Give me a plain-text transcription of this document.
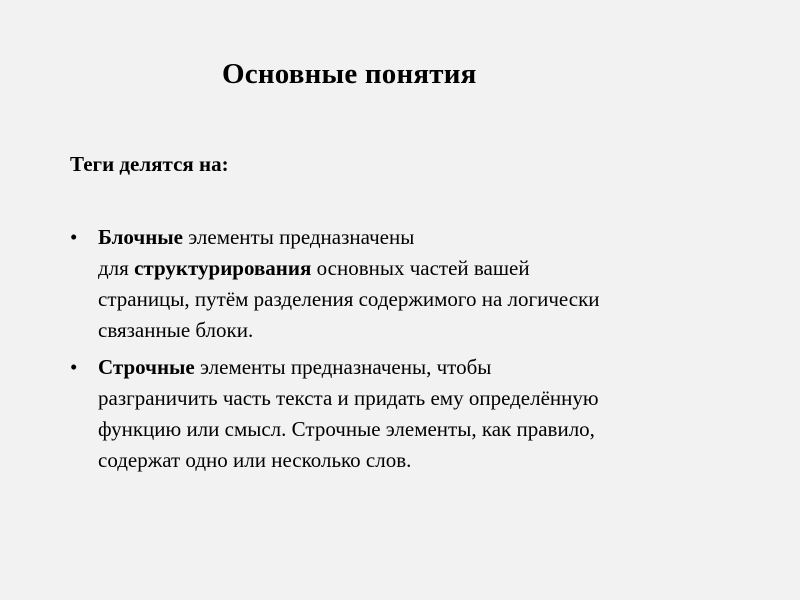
Основные понятия
Теги делятся на:
• Блочные элементы предназначены
для структурирования основных частей вашей
страницы, путём разделения содержимого на логически
связанные блоки.
• Строчные элементы предназначены, чтобы
разграничить часть текста и придать ему определённую
функцию или смысл. Строчные элементы, как правило,
содержат одно или несколько слов.
